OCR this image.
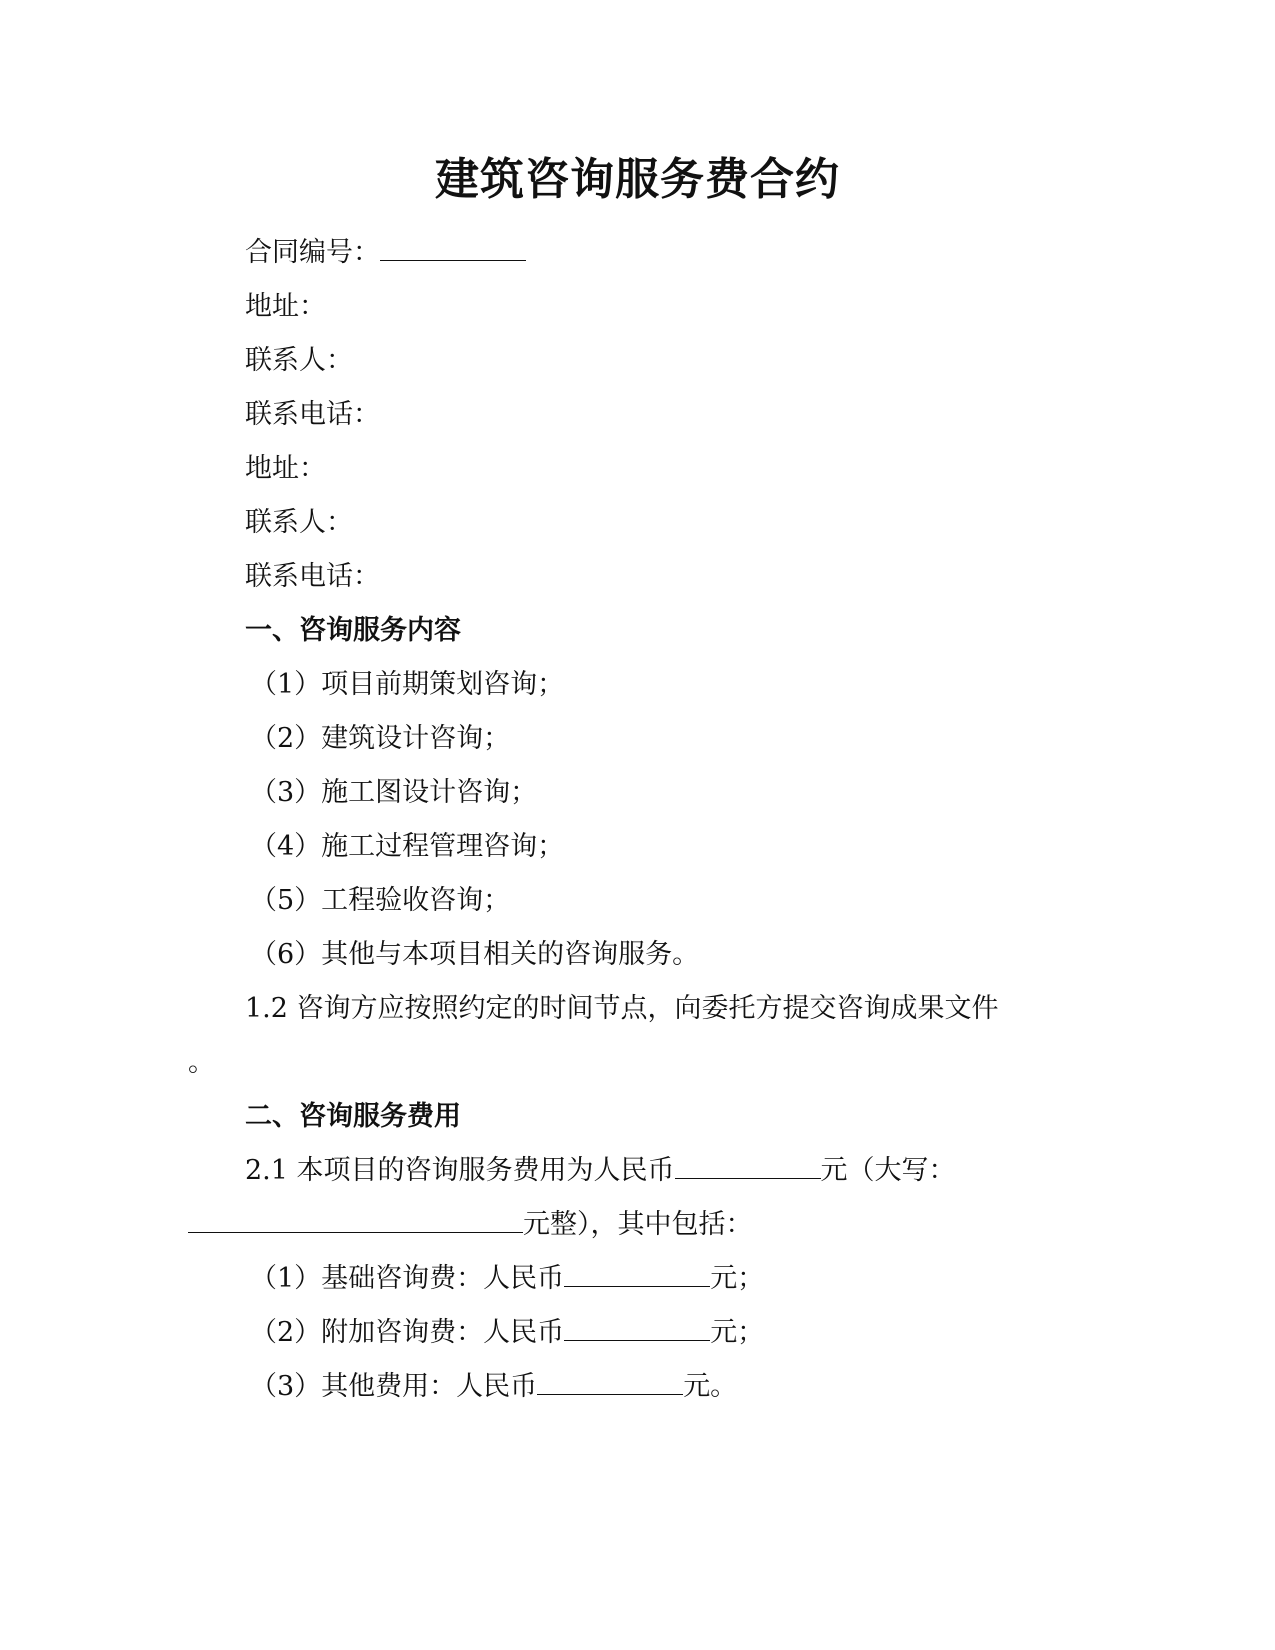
建筑咨询服务费合约
合同编号：
地址：
联系人：
联系电话：
地址：
联系人：
联系电话：
一、咨询服务内容
（1）项目前期策划咨询；
（2）建筑设计咨询；
（3）施工图设计咨询；
（4）施工过程管理咨询；
（5）工程验收咨询；
（6）其他与本项目相关的咨询服务。
1.2 咨询方应按照约定的时间节点，向委托方提交咨询成果文件
。
二、咨询服务费用
2.1 本项目的咨询服务费用为人民币	元（大写：
元整），其中包括：
（1）基础咨询费：人民币	元；
（2）附加咨询费：人民币	元；
（3）其他费用：人民币	元。
